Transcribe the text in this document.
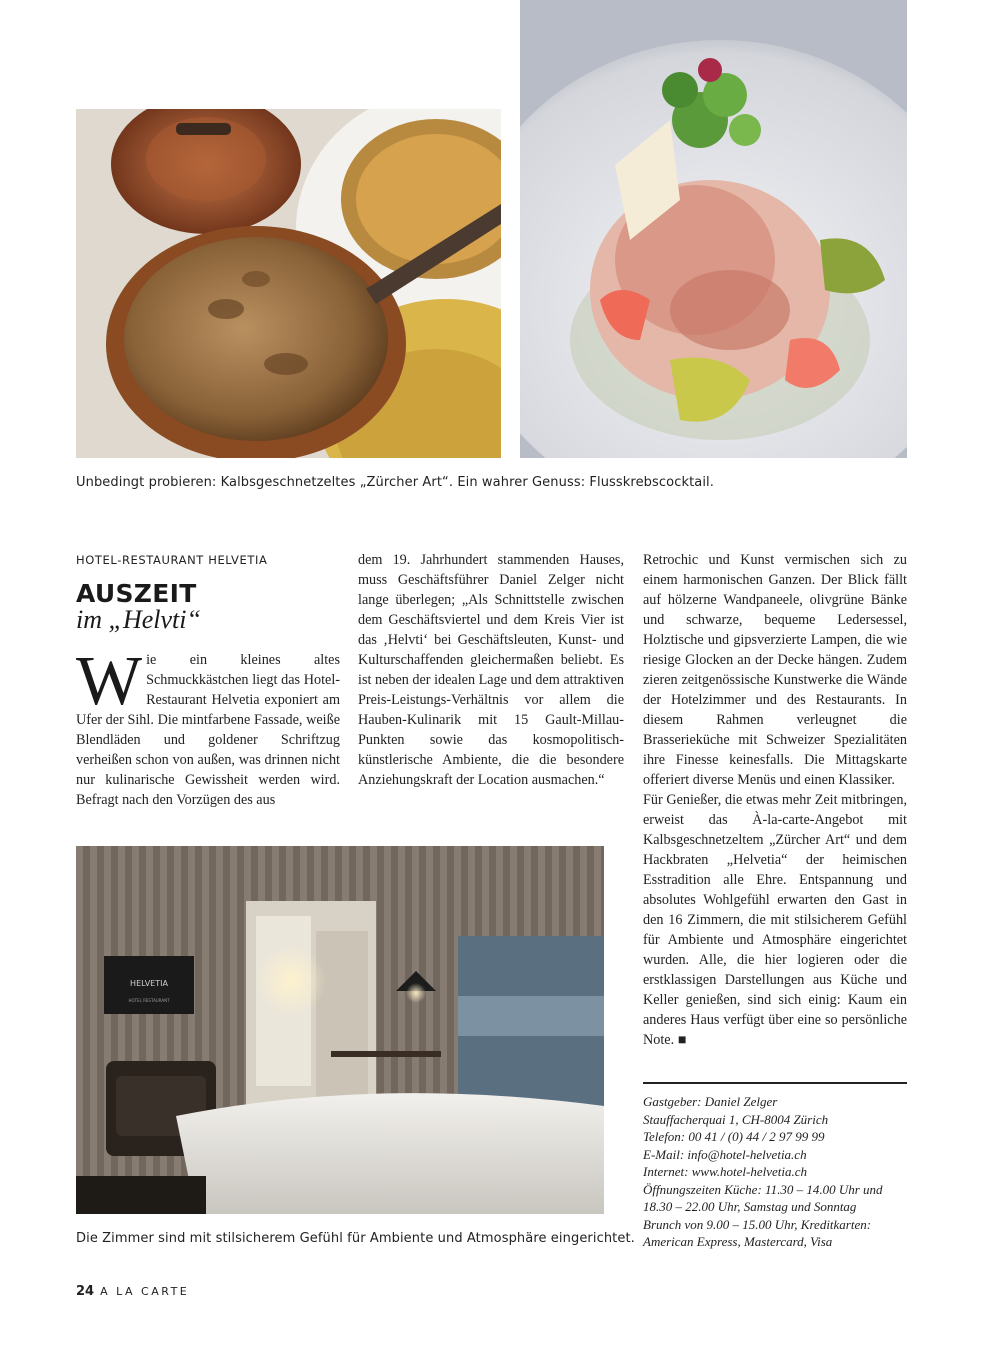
Unbedingt probieren: Kalbsgeschnetzeltes „Zürcher Art“. Ein wahrer Genuss: Flusskrebscocktail.
HOTEL-RESTAURANT HELVETIA
AUSZEIT
im „Helvti“

Wie ein kleines altes Schmuckkästchen liegt das Hotel-Restaurant Helvetia exponiert am Ufer der Sihl. Die mintfarbene Fassade, weiße Blendläden und goldener Schriftzug verheißen schon von außen, was drinnen nicht nur kulinarische Gewissheit werden wird. Befragt nach den Vorzügen des aus

dem 19. Jahrhundert stammenden Hauses, muss Geschäftsführer Daniel Zelger nicht lange überlegen; „Als Schnittstelle zwischen dem Geschäftsviertel und dem Kreis Vier ist das ‚Helvti‘ bei Geschäftsleuten, Kunst- und Kulturschaffenden gleichermaßen beliebt. Es ist neben der idealen Lage und dem attraktiven Preis-Leistungs-Verhältnis vor allem die Hauben-Kulinarik mit 15 Gault-Millau-Punkten sowie das kosmopolitisch-künstlerische Ambiente, die die besondere Anziehungskraft der Location ausmachen.“

Retrochic und Kunst vermischen sich zu einem harmonischen Ganzen. Der Blick fällt auf hölzerne Wandpaneele, olivgrüne Bänke und schwarze, bequeme Ledersessel, Holztische und gipsverzierte Lampen, die wie riesige Glocken an der Decke hängen. Zudem zieren zeitgenössische Kunstwerke die Wände der Hotelzimmer und des Restaurants. In diesem Rahmen verleugnet die Brasserieküche mit Schweizer Spezialitäten ihre Finesse keinesfalls. Die Mittagskarte offeriert diverse Menüs und einen Klassiker.

Für Genießer, die etwas mehr Zeit mitbringen, erweist das À-la-carte-Angebot mit Kalbsgeschnetzeltem „Zürcher Art“ und dem Hackbraten „Helvetia“ der heimischen Esstradition alle Ehre. Entspannung und absolutes Wohlgefühl erwarten den Gast in den 16 Zimmern, die mit stilsicherem Gefühl für Ambiente und Atmosphäre eingerichtet wurden. Alle, die hier logieren oder die erstklassigen Darstellungen aus Küche und Keller genießen, sind sich einig: Kaum ein anderes Haus verfügt über eine so persönliche Note. ■

HELVETIA
HOTEL RESTAURANT
Die Zimmer sind mit stilsicherem Gefühl für Ambiente und Atmosphäre eingerichtet.
Gastgeber: Daniel Zelger
Stauffacherquai 1, CH-8004 Zürich
Telefon: 00 41 / (0) 44 / 2 97 99 99
E-Mail: info@hotel-helvetia.ch
Internet: www.hotel-helvetia.ch
Öffnungszeiten Küche: 11.30 – 14.00 Uhr und
18.30 – 22.00 Uhr, Samstag und Sonntag
Brunch von 9.00 – 15.00 Uhr, Kreditkarten:
American Express, Mastercard, Visa
24 A LA CARTE
